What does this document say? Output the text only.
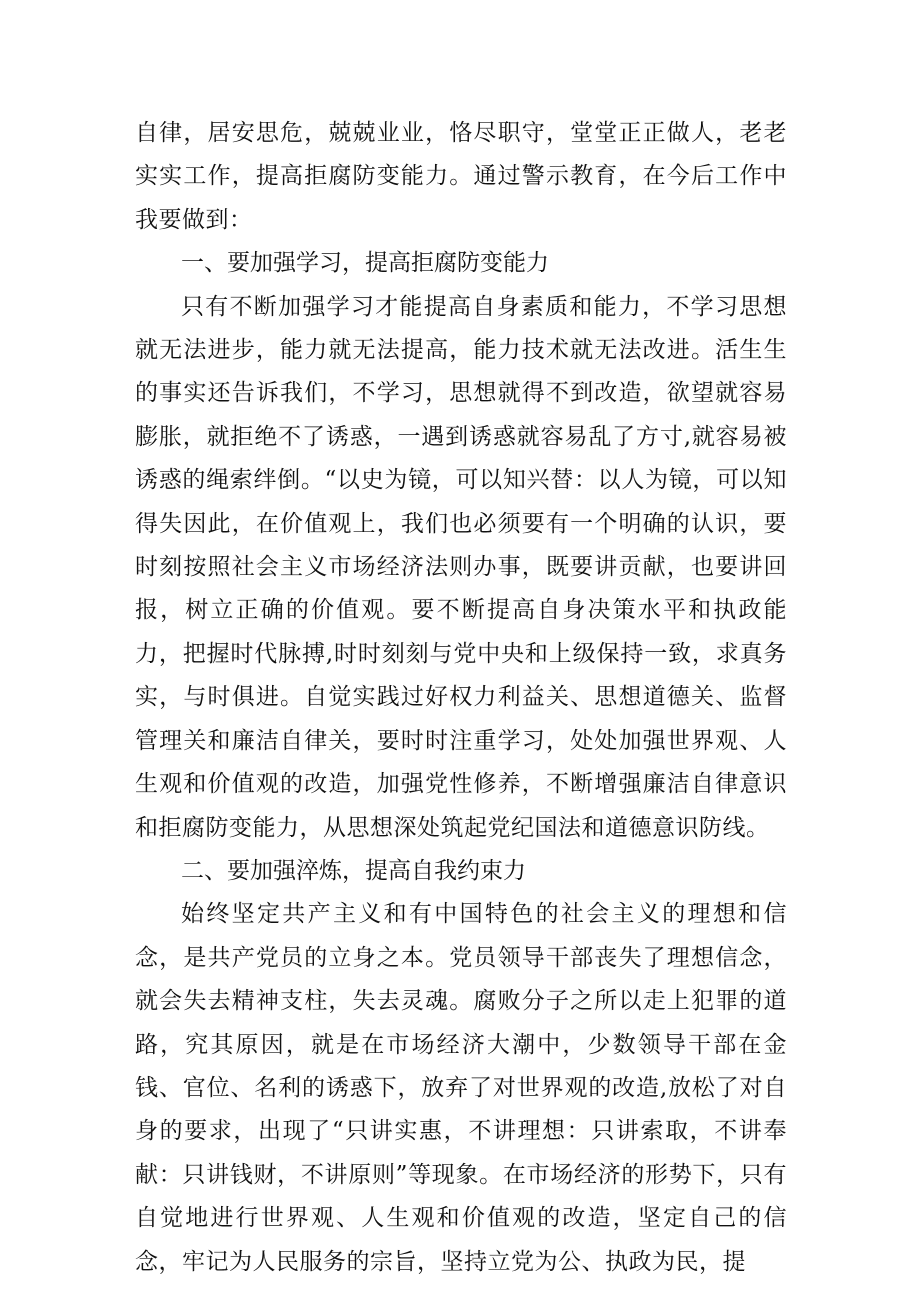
自律，居安思危，兢兢业业，恪尽职守，堂堂正正做人，老老实实工作，提高拒腐防变能力。通过警示教育，在今后工作中我要做到：

一、要加强学习，提高拒腐防变能力

只有不断加强学习才能提高自身素质和能力，不学习思想就无法进步，能力就无法提高，能力技术就无法改进。活生生的事实还告诉我们，不学习，思想就得不到改造，欲望就容易膨胀，就拒绝不了诱惑，一遇到诱惑就容易乱了方寸,就容易被诱惑的绳索绊倒。“以史为镜，可以知兴替：以人为镜，可以知得失因此，在价值观上，我们也必须要有一个明确的认识，要时刻按照社会主义市场经济法则办事，既要讲贡献，也要讲回报，树立正确的价值观。要不断提高自身决策水平和执政能力，把握时代脉搏,时时刻刻与党中央和上级保持一致，求真务实，与时俱进。自觉实践过好权力利益关、思想道德关、监督管理关和廉洁自律关，要时时注重学习，处处加强世界观、人生观和价值观的改造，加强党性修养，不断增强廉洁自律意识和拒腐防变能力，从思想深处筑起党纪国法和道德意识防线。

二、要加强淬炼，提高自我约束力

始终坚定共产主义和有中国特色的社会主义的理想和信念，是共产党员的立身之本。党员领导干部丧失了理想信念，就会失去精神支柱，失去灵魂。腐败分子之所以走上犯罪的道路，究其原因，就是在市场经济大潮中，少数领导干部在金钱、官位、名利的诱惑下，放弃了对世界观的改造,放松了对自身的要求，出现了“只讲实惠，不讲理想：只讲索取，不讲奉献：只讲钱财，不讲原则”等现象。在市场经济的形势下，只有自觉地进行世界观、人生观和价值观的改造，坚定自己的信念，牢记为人民服务的宗旨，坚持立党为公、执政为民，提
